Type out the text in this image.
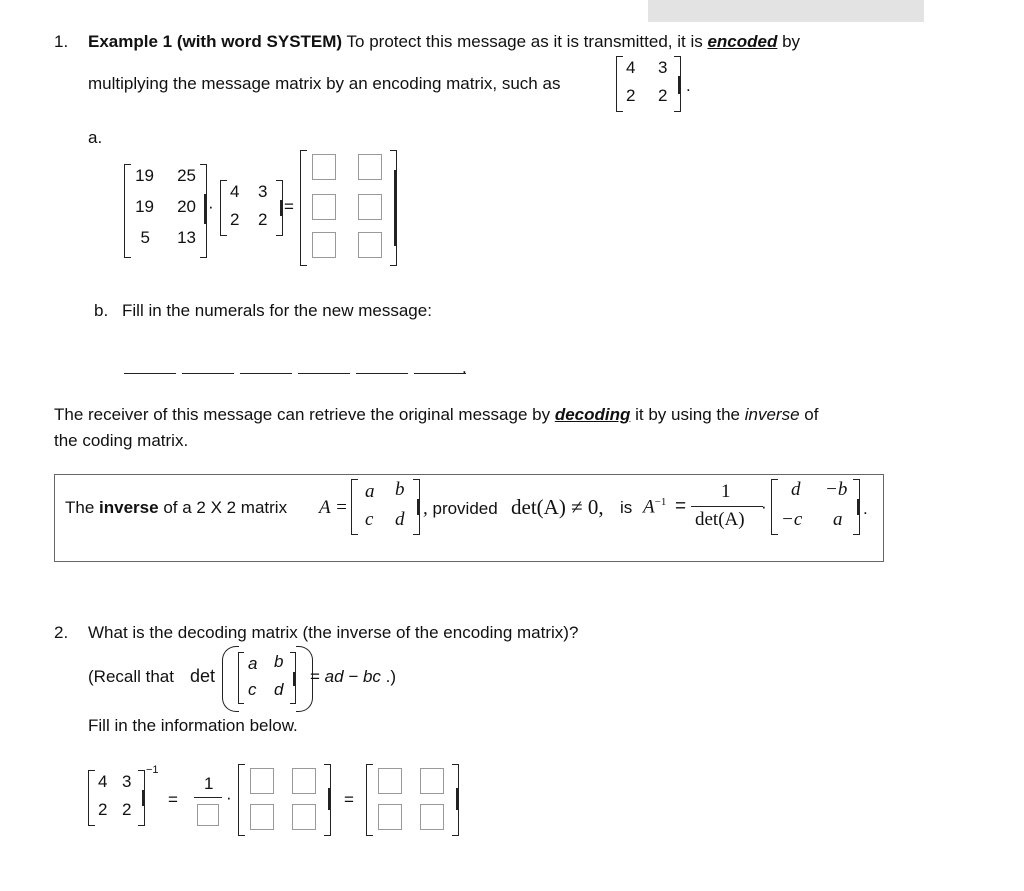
1. Example 1 (with word SYSTEM) To protect this message as it is transmitted, it is encoded by
multiplying the message matrix by an encoding matrix, such as
4 3
2 2
.
a.
19	25
19	20
5	13
·
4 3
2 2
=
b. Fill in the numerals for the new message:
.
The receiver of this message can retrieve the original message by decoding it by using the inverse of
the coding matrix.
The inverse of a 2 X 2 matrix A =
a b
c d
, provided det(A) ≠ 0, is $A^{-1}$ =
1
det(A)
·
d −b
−c a
.
2. What is the decoding matrix (the inverse of the encoding matrix)?
(Recall that det
a b
c d
= ad − bc .)
Fill in the information below.
4 3
2 2
−1
=
1
·	=
